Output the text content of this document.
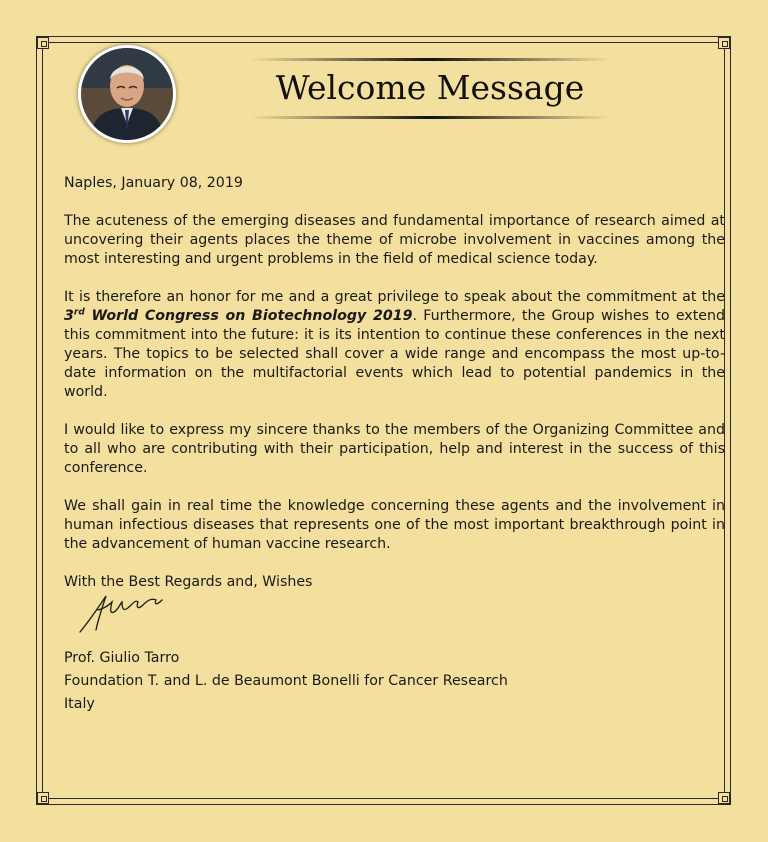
Welcome Message

Naples, January 08, 2019

The acuteness of the emerging diseases and fundamental importance of research aimed at uncovering their agents places the theme of microbe involvement in vaccines among the most interesting and urgent problems in the field of medical science today.

It is therefore an honor for me and a great privilege to speak about the commitment at the 3rd World Congress on Biotechnology 2019. Furthermore, the Group wishes to extend this commitment into the future: it is its intention to continue these conferences in the next years. The topics to be selected shall cover a wide range and encompass the most up-to-date information on the multifactorial events which lead to potential pandemics in the world.

I would like to express my sincere thanks to the members of the Organizing Committee and to all who are contributing with their participation, help and interest in the success of this conference.

We shall gain in real time the knowledge concerning these agents and the involvement in human infectious diseases that represents one of the most important breakthrough point in the advancement of human vaccine research.

With the Best Regards and, Wishes

Prof. Giulio Tarro
Foundation T. and L. de Beaumont Bonelli for Cancer Research
Italy
